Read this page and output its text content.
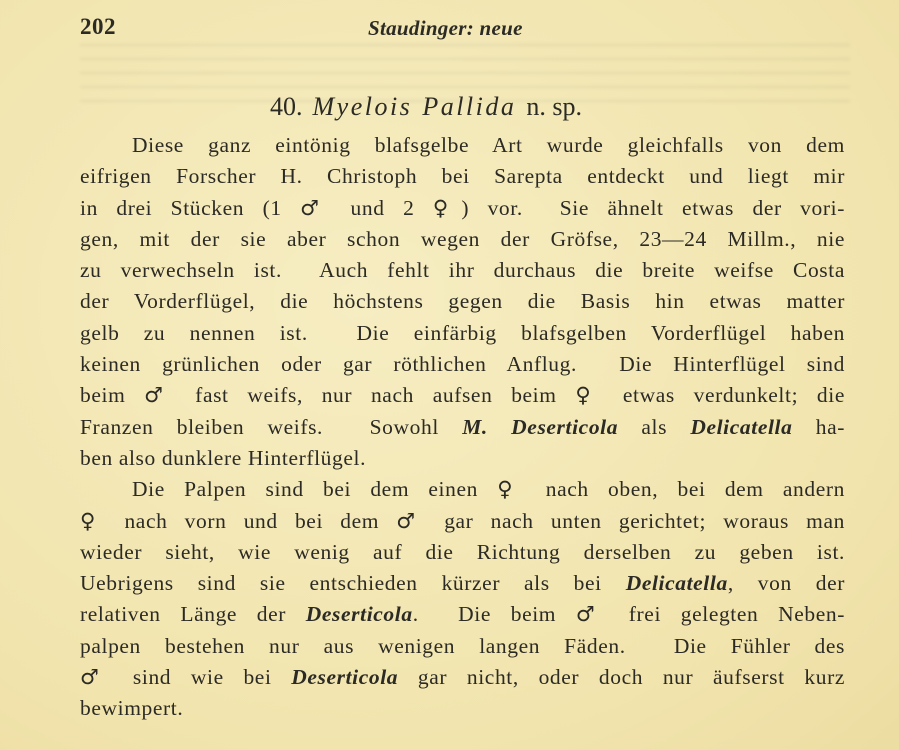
202	Staudinger: neue
40. Myelois Pallida n. sp.
Diese ganz eintönig blafsgelbe Art wurde gleichfalls von dem
eifrigen Forscher H. Christoph bei Sarepta entdeckt und liegt mir
in drei Stücken (1 ♂ und 2 ♀) vor.  Sie ähnelt etwas der vori-
gen, mit der sie aber schon wegen der Gröfse, 23—24 Millm., nie
zu verwechseln ist.  Auch fehlt ihr durchaus die breite weifse Costa
der Vorderflügel, die höchstens gegen die Basis hin etwas matter
gelb zu nennen ist.  Die einfärbig blafsgelben Vorderflügel haben
keinen grünlichen oder gar röthlichen Anflug.  Die Hinterflügel sind
beim ♂ fast weifs, nur nach aufsen beim ♀ etwas verdunkelt; die
Franzen bleiben weifs.  Sowohl M. Deserticola als Delicatella ha-
ben also dunklere Hinterflügel.
Die Palpen sind bei dem einen ♀ nach oben, bei dem andern
♀ nach vorn und bei dem ♂ gar nach unten gerichtet; woraus man
wieder sieht, wie wenig auf die Richtung derselben zu geben ist.
Uebrigens sind sie entschieden kürzer als bei Delicatella, von der
relativen Länge der Deserticola.  Die beim ♂ frei gelegten Neben-
palpen bestehen nur aus wenigen langen Fäden.  Die Fühler des
♂ sind wie bei Deserticola gar nicht, oder doch nur äufserst kurz
bewimpert.
